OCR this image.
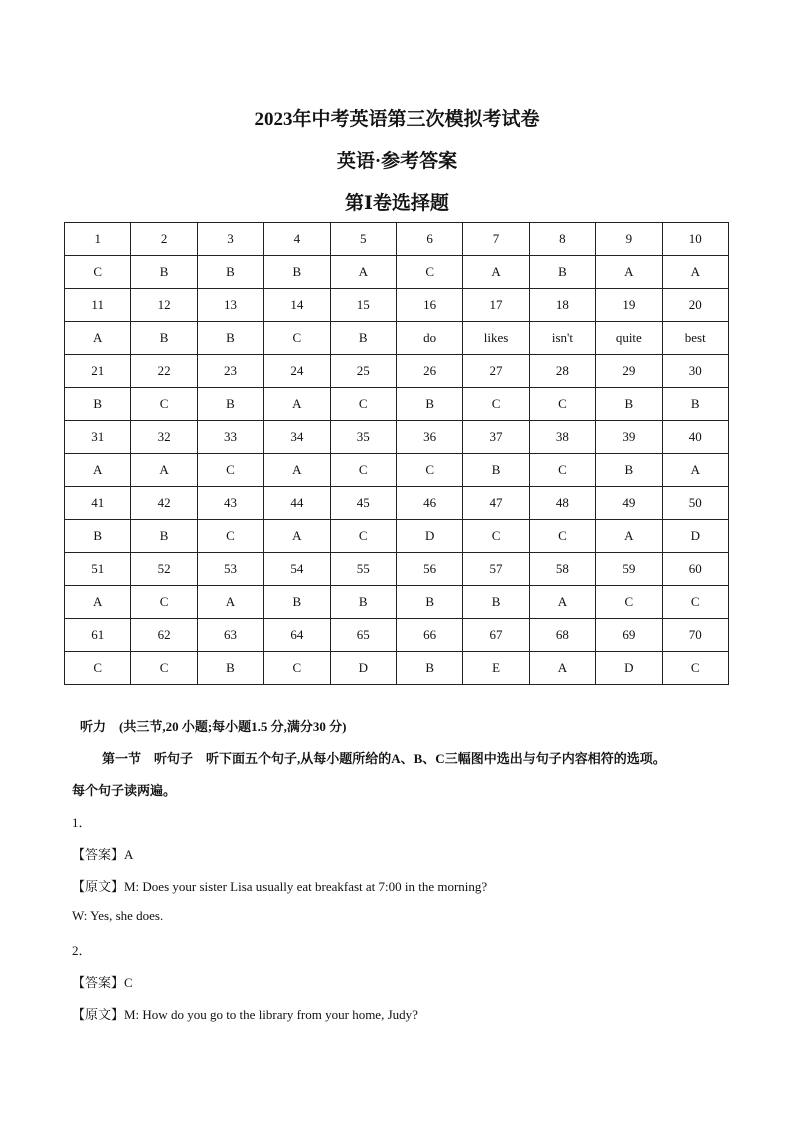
2023年中考英语第三次模拟考试卷
英语·参考答案
第Ⅰ卷选择题
1	2	3	4	5	6	7	8	9	10
C	B	B	B	A	C	A	B	A	A
11	12	13	14	15	16	17	18	19	20
A	B	B	C	B	do	likes	isn't	quite	best
21	22	23	24	25	26	27	28	29	30
B	C	B	A	C	B	C	C	B	B
31	32	33	34	35	36	37	38	39	40
A	A	C	A	C	C	B	C	B	A
41	42	43	44	45	46	47	48	49	50
B	B	C	A	C	D	C	C	A	D
51	52	53	54	55	56	57	58	59	60
A	C	A	B	B	B	B	A	C	C
61	62	63	64	65	66	67	68	69	70
C	C	B	C	D	B	E	A	D	C
听力　(共三节,20 小题;每小题1.5 分,满分30 分)
第一节　听句子　听下面五个句子,从每小题所给的A、B、C三幅图中选出与句子内容相符的选项。
每个句子读两遍。
1．
【答案】A
【原文】M: Does your sister Lisa usually eat breakfast at 7:00 in the morning?
W: Yes, she does.
2．
【答案】C
【原文】M: How do you go to the library from your home, Judy?
